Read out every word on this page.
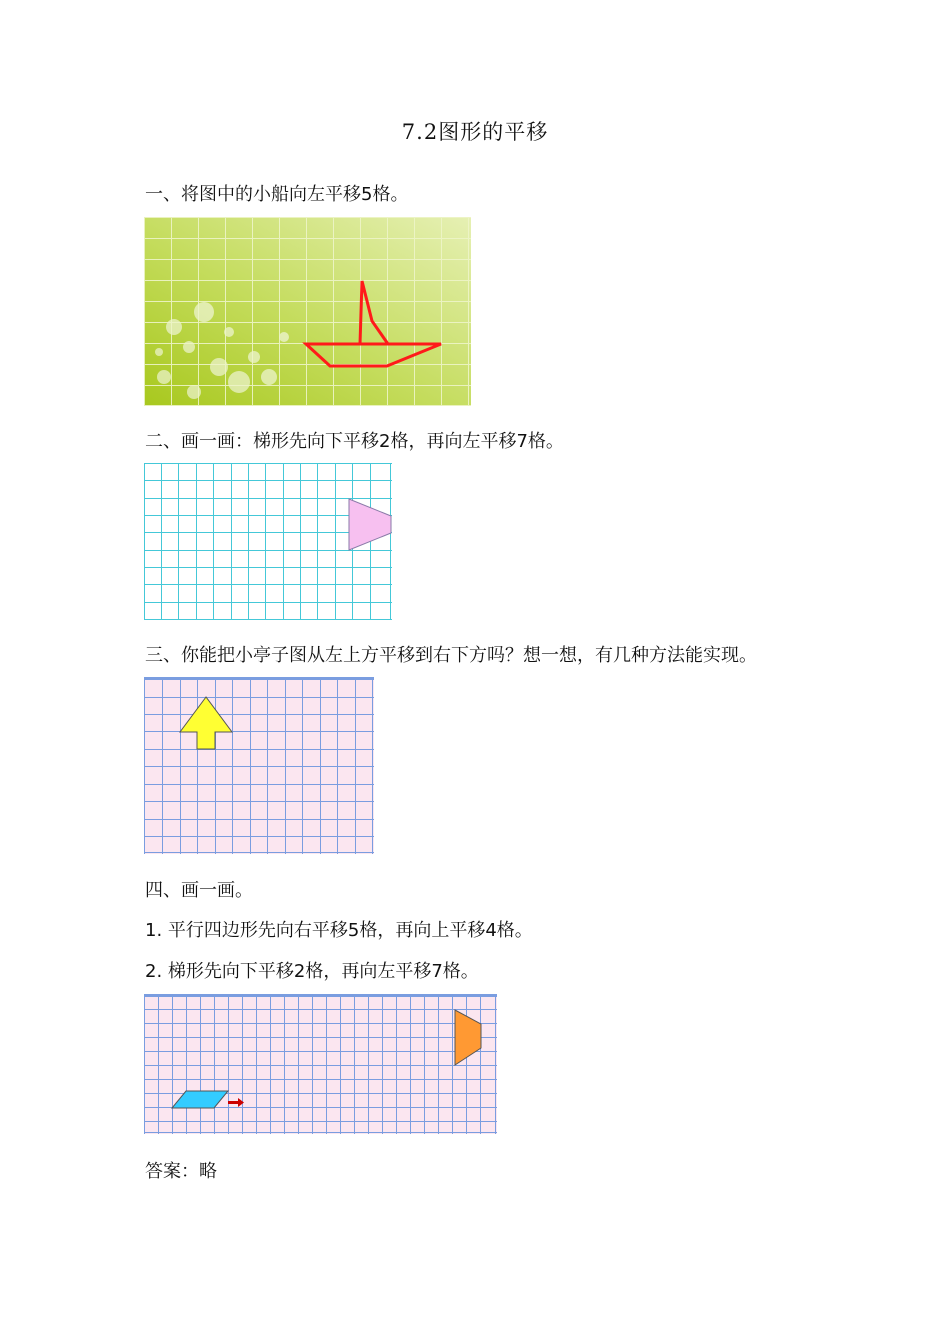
7.2图形的平移
一、将图中的小船向左平移5格。
二、画一画：梯形先向下平移2格，再向左平移7格。
三、你能把小亭子图从左上方平移到右下方吗？想一想，有几种方法能实现。
四、画一画。
1. 平行四边形先向右平移5格，再向上平移4格。
2. 梯形先向下平移2格，再向左平移7格。
答案：略
